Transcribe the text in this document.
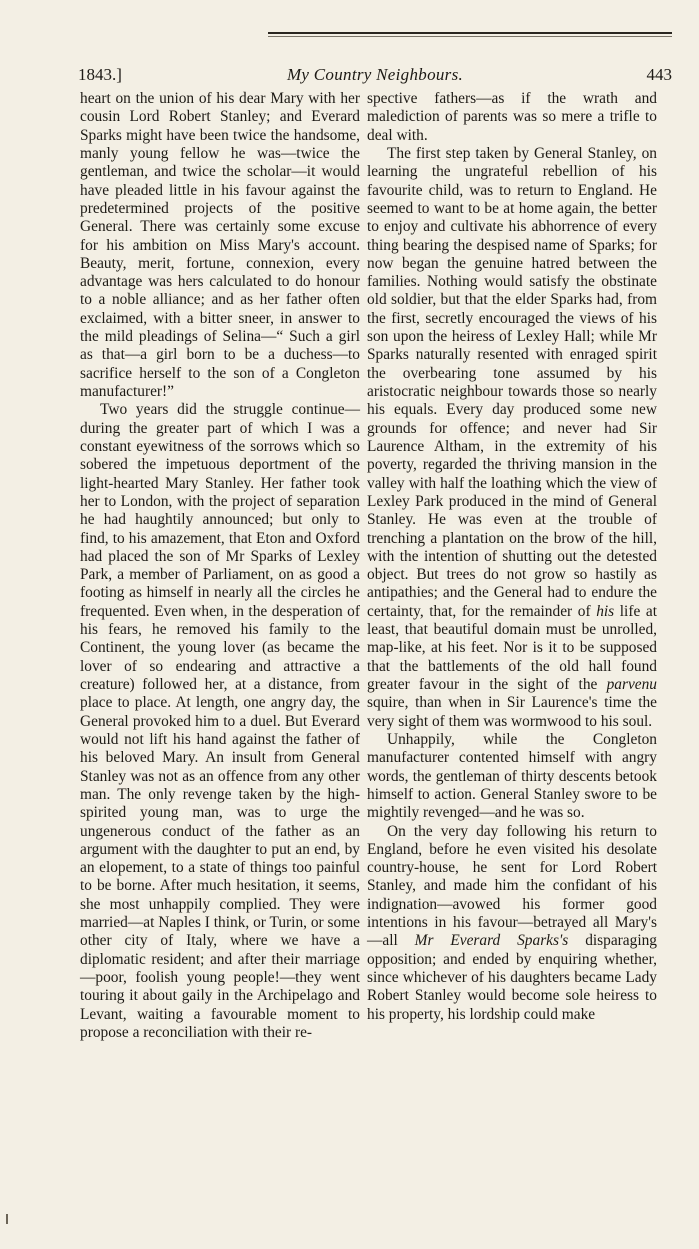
1843.]	My Country Neighbours.	443

heart on the union of his dear Mary with her cousin Lord Robert Stanley; and Everard Sparks might have been twice the handsome, manly young fellow he was—twice the gentleman, and twice the scholar—it would have pleaded little in his favour against the predetermined projects of the positive General. There was certainly some excuse for his ambition on Miss Mary's account. Beauty, merit, fortune, connexion, every advantage was hers calculated to do honour to a noble alliance; and as her father often exclaimed, with a bitter sneer, in answer to the mild pleadings of Selina—“ Such a girl as that—a girl born to be a duchess—to sacrifice herself to the son of a Congleton manufacturer!”

Two years did the struggle continue—during the greater part of which I was a constant eyewitness of the sorrows which so sobered the impetuous deportment of the light-hearted Mary Stanley. Her father took her to London, with the project of separation he had haughtily announced; but only to find, to his amazement, that Eton and Oxford had placed the son of Mr Sparks of Lexley Park, a member of Parliament, on as good a footing as himself in nearly all the circles he frequented. Even when, in the desperation of his fears, he removed his family to the Continent, the young lover (as became the lover of so endearing and attractive a creature) followed her, at a distance, from place to place. At length, one angry day, the General provoked him to a duel. But Everard would not lift his hand against the father of his beloved Mary. An insult from General Stanley was not as an offence from any other man. The only revenge taken by the high-spirited young man, was to urge the ungenerous conduct of the father as an argument with the daughter to put an end, by an elopement, to a state of things too painful to be borne. After much hesitation, it seems, she most unhappily complied. They were married—at Naples I think, or Turin, or some other city of Italy, where we have a diplomatic resident; and after their marriage—poor, foolish young people!—they went touring it about gaily in the Archipelago and Levant, waiting a favourable moment to propose a reconciliation with their re-

spective fathers—as if the wrath and malediction of parents was so mere a trifle to deal with.

The first step taken by General Stanley, on learning the ungrateful rebellion of his favourite child, was to return to England. He seemed to want to be at home again, the better to enjoy and cultivate his abhorrence of every thing bearing the despised name of Sparks; for now began the genuine hatred between the families. Nothing would satisfy the obstinate old soldier, but that the elder Sparks had, from the first, secretly encouraged the views of his son upon the heiress of Lexley Hall; while Mr Sparks naturally resented with enraged spirit the overbearing tone assumed by his aristocratic neighbour towards those so nearly his equals. Every day produced some new grounds for offence; and never had Sir Laurence Altham, in the extremity of his poverty, regarded the thriving mansion in the valley with half the loathing which the view of Lexley Park produced in the mind of General Stanley. He was even at the trouble of trenching a plantation on the brow of the hill, with the intention of shutting out the detested object. But trees do not grow so hastily as antipathies; and the General had to endure the certainty, that, for the remainder of his life at least, that beautiful domain must be unrolled, map-like, at his feet. Nor is it to be supposed that the battlements of the old hall found greater favour in the sight of the parvenu squire, than when in Sir Laurence's time the very sight of them was wormwood to his soul.

Unhappily, while the Congleton manufacturer contented himself with angry words, the gentleman of thirty descents betook himself to action. General Stanley swore to be mightily revenged—and he was so.

On the very day following his return to England, before he even visited his desolate country-house, he sent for Lord Robert Stanley, and made him the confidant of his indignation—avowed his former good intentions in his favour—betrayed all Mary's—all Mr Everard Sparks's disparaging opposition; and ended by enquiring whether, since whichever of his daughters became Lady Robert Stanley would become sole heiress to his property, his lordship could make
